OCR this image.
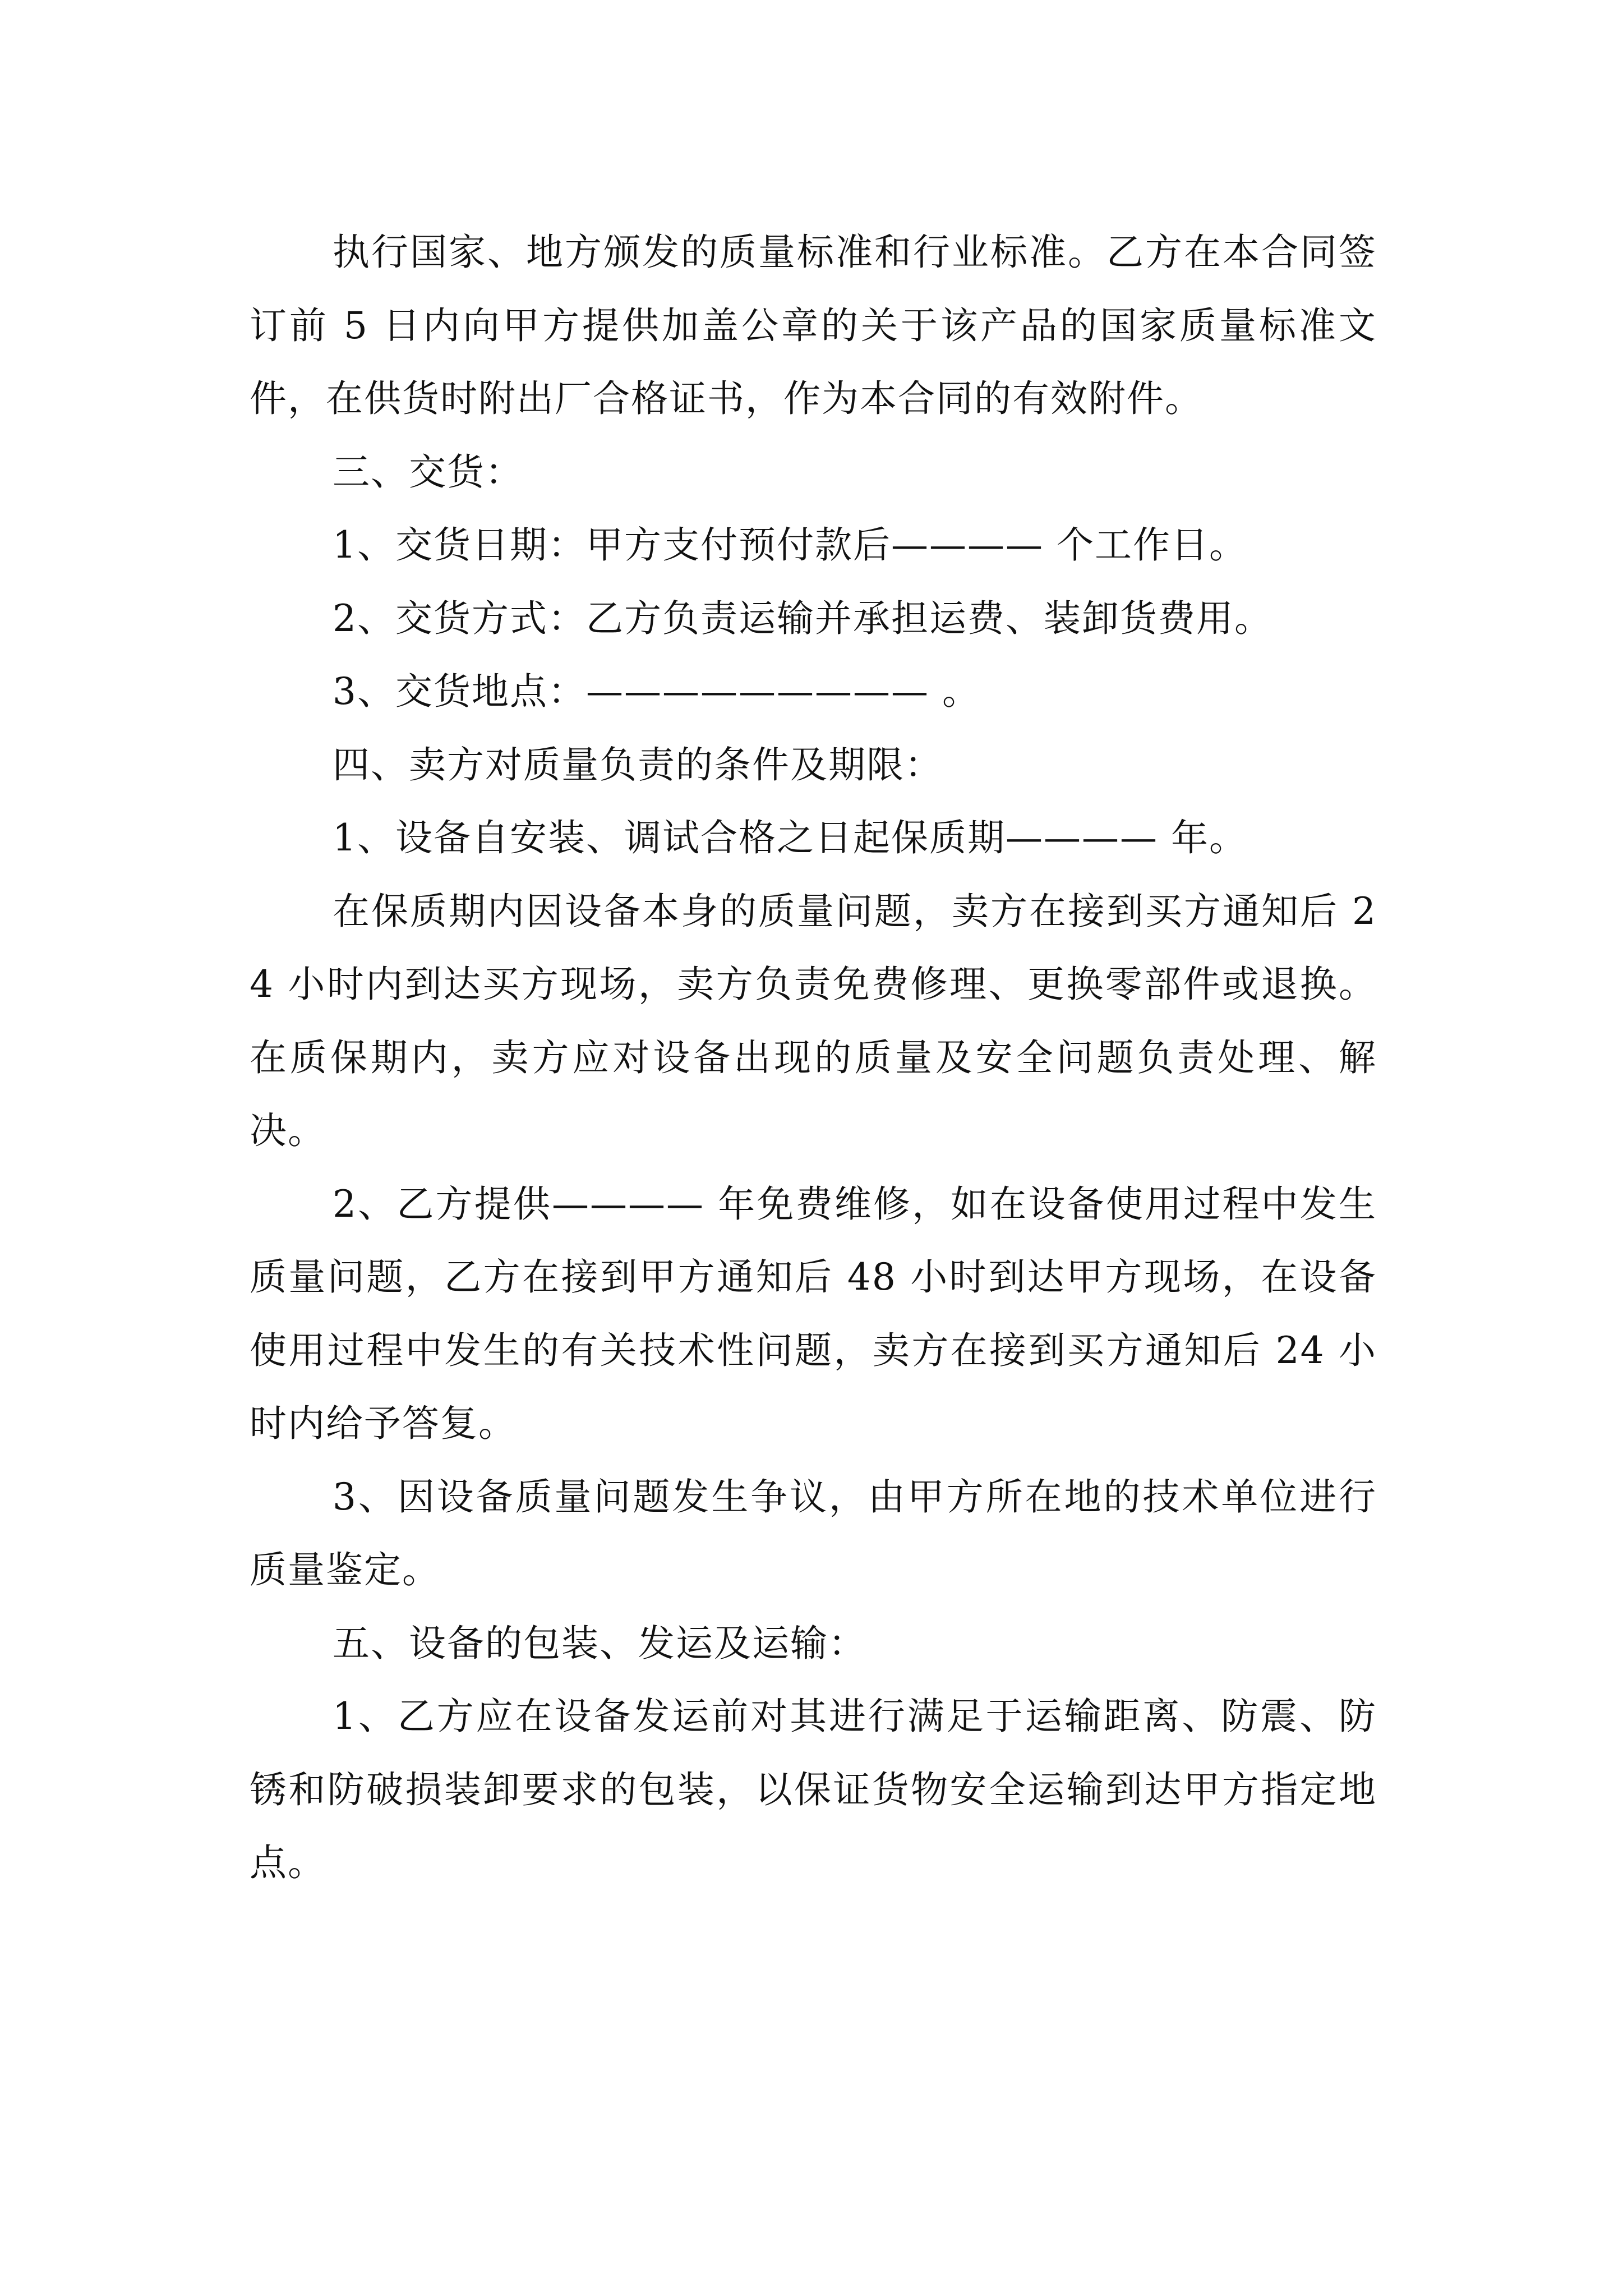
执行国家、地方颁发的质量标准和行业标准。乙方在本合同签订前 5 日内向甲方提供加盖公章的关于该产品的国家质量标准文件，在供货时附出厂合格证书，作为本合同的有效附件。

三、交货：

1、交货日期：甲方支付预付款后———— 个工作日。

2、交货方式：乙方负责运输并承担运费、装卸货费用。

3、交货地点：————————— 。

四、卖方对质量负责的条件及期限：

1、设备自安装、调试合格之日起保质期———— 年。

在保质期内因设备本身的质量问题，卖方在接到买方通知后 24 小时内到达买方现场，卖方负责免费修理、更换零部件或退换。在质保期内，卖方应对设备出现的质量及安全问题负责处理、解决。

2、乙方提供———— 年免费维修，如在设备使用过程中发生质量问题，乙方在接到甲方通知后 48 小时到达甲方现场，在设备使用过程中发生的有关技术性问题，卖方在接到买方通知后 24 小时内给予答复。

3、因设备质量问题发生争议，由甲方所在地的技术单位进行质量鉴定。

五、设备的包装、发运及运输：

1、乙方应在设备发运前对其进行满足于运输距离、防震、防锈和防破损装卸要求的包装，以保证货物安全运输到达甲方指定地点。
